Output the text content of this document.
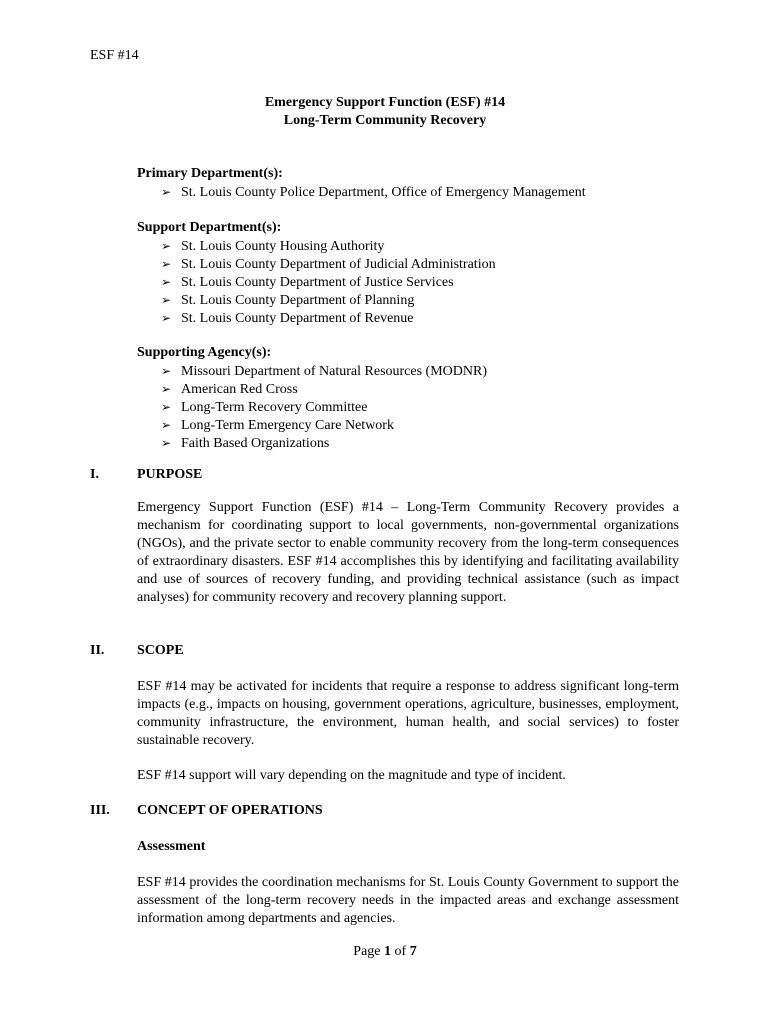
ESF #14
Emergency Support Function (ESF) #14
Long-Term Community Recovery
Primary Department(s):
➢ St. Louis County Police Department, Office of Emergency Management
Support Department(s):
➢ St. Louis County Housing Authority
➢ St. Louis County Department of Judicial Administration
➢ St. Louis County Department of Justice Services
➢ St. Louis County Department of Planning
➢ St. Louis County Department of Revenue
Supporting Agency(s):
➢ Missouri Department of Natural Resources (MODNR)
➢ American Red Cross
➢ Long-Term Recovery Committee
➢ Long-Term Emergency Care Network
➢ Faith Based Organizations
I.	PURPOSE
Emergency Support Function (ESF) #14 – Long-Term Community Recovery provides a mechanism for coordinating support to local governments, non-governmental organizations (NGOs), and the private sector to enable community recovery from the long-term consequences of extraordinary disasters. ESF #14 accomplishes this by identifying and facilitating availability and use of sources of recovery funding, and providing technical assistance (such as impact analyses) for community recovery and recovery planning support.
II. SCOPE
ESF #14 may be activated for incidents that require a response to address significant long-term impacts (e.g., impacts on housing, government operations, agriculture, businesses, employment, community infrastructure, the environment, human health, and social services) to foster sustainable recovery.
ESF #14 support will vary depending on the magnitude and type of incident.
III. CONCEPT OF OPERATIONS
Assessment
ESF #14 provides the coordination mechanisms for St. Louis County Government to support the assessment of the long-term recovery needs in the impacted areas and exchange assessment information among departments and agencies.
Page 1 of 7
